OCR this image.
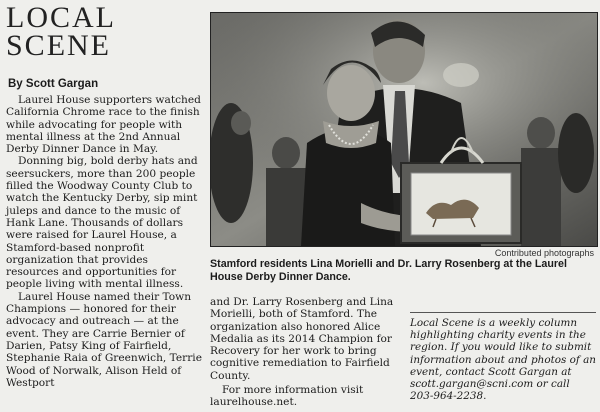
LOCAL
SCENE
By Scott Gargan

Laurel House supporters watched California Chrome race to the finish while advocating for people with mental illness at the 2nd Annual Derby Dinner Dance in May.

Donning big, bold derby hats and seersuckers, more than 200 people filled the Woodway County Club to watch the Kentucky Derby, sip mint juleps and dance to the music of Hank Lane. Thousands of dollars were raised for Laurel House, a Stamford-based nonprofit organization that provides resources and opportunities for people living with mental illness.

Laurel House named their Town Champions — honored for their advocacy and outreach — at the event. They are Carrie Bernier of Darien, Patsy King of Fairfield, Stephanie Raia of Greenwich, Terrie Wood of Norwalk, Alison Held of Westport

Contributed photographs

Stamford residents Lina Morielli and Dr. Larry Rosenberg at the Laurel House Derby Dinner Dance.

and Dr. Larry Rosenberg and Lina Morielli, both of Stamford. The organization also honored Alice Medalia as its 2014 Champion for Recovery for her work to bring cognitive remediation to Fairfield County.

For more information visit laurelhouse.net.

Local Scene is a weekly column highlighting charity events in the region. If you would like to submit information about and photos of an event, contact Scott Gargan at scott.gargan@scni.com or call 203-964-2238.
